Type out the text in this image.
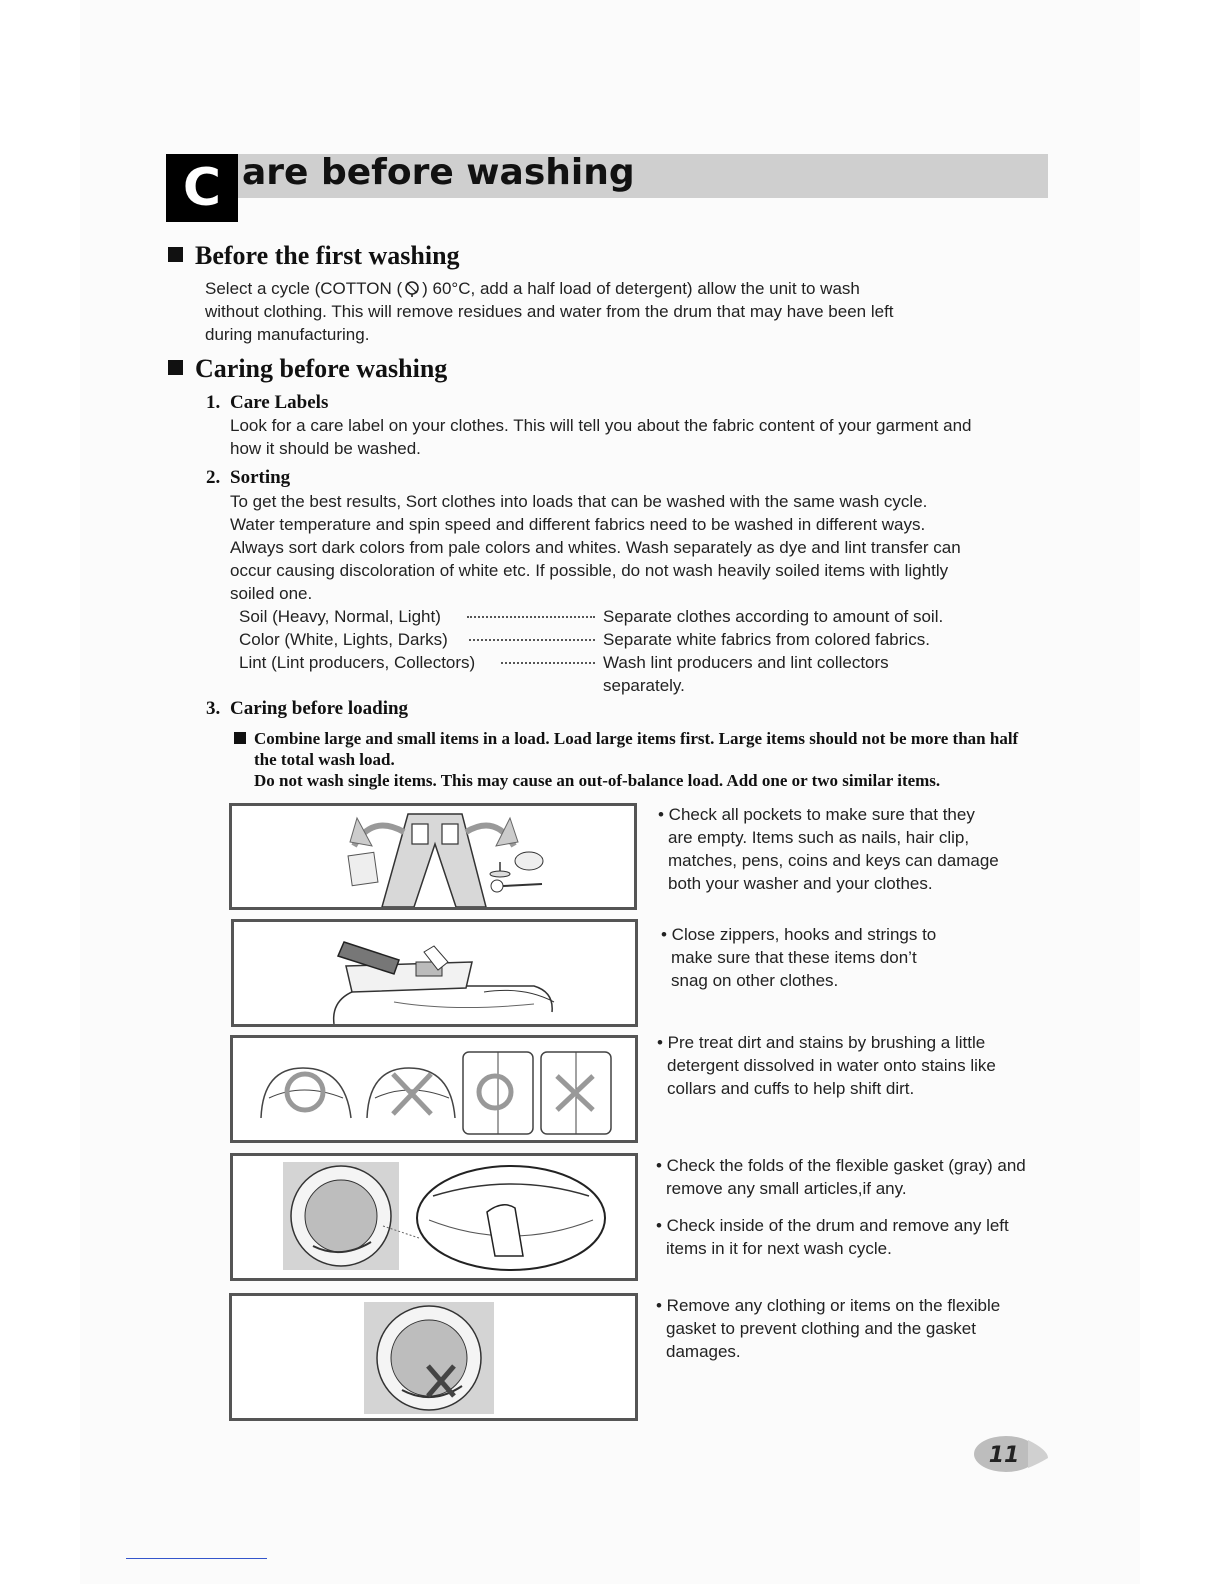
C are before washing
Before the first washing
Select a cycle (COTTON ( ) 60°C, add a half load of detergent) allow the unit to wash
without clothing. This will remove residues and water from the drum that may have been left
during manufacturing.
Caring before washing
1. Care Labels
Look for a care label on your clothes. This will tell you about the fabric content of your garment and
how it should be washed.
2. Sorting
To get the best results, Sort clothes into loads that can be washed with the same wash cycle.
Water temperature and spin speed and different fabrics need to be washed in different ways.
Always sort dark colors from pale colors and whites. Wash separately as dye and lint transfer can
occur causing discoloration of white etc. If possible, do not wash heavily soiled items with lightly
soiled one.
Soil (Heavy, Normal, Light)	Separate clothes according to amount of soil.
Color (White, Lights, Darks)	Separate white fabrics from colored fabrics.
Lint (Lint producers, Collectors)	Wash lint producers and lint collectors
separately.
3. Caring before loading
Combine large and small items in a load. Load large items first. Large items should not be more than half
the total wash load.
Do not wash single items. This may cause an out-of-balance load. Add one or two similar items.
• Check all pockets to make sure that they
are empty. Items such as nails, hair clip,
matches, pens, coins and keys can damage
both your washer and your clothes.
• Close zippers, hooks and strings to
make sure that these items don’t
snag on other clothes.
• Pre treat dirt and stains by brushing a little
detergent dissolved in water onto stains like
collars and cuffs to help shift dirt.
• Check the folds of the flexible gasket (gray) and
remove any small articles,if any.
• Check inside of the drum and remove any left
items in it for next wash cycle.
• Remove any clothing or items on the flexible
gasket to prevent clothing and the gasket
damages.
11
